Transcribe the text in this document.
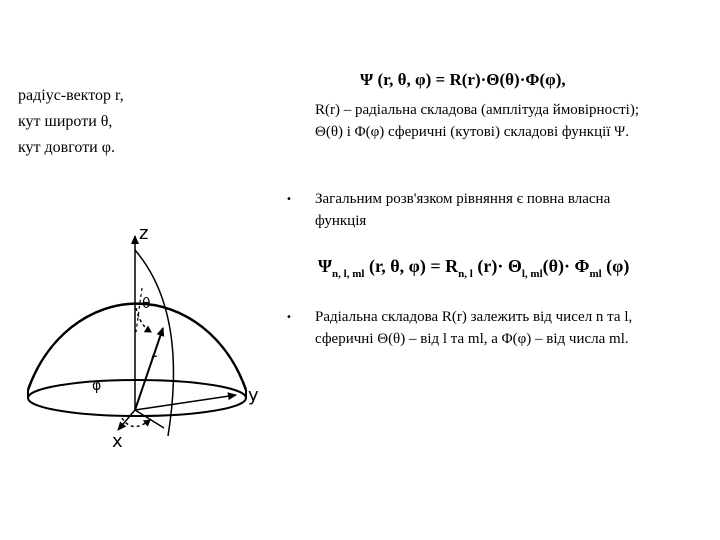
радіус-вектор r,
кут широти θ,
кут довготи φ.
Ψ (r, θ, φ) = R(r)·Θ(θ)·Φ(φ),
R(r) – радіальна складова (амплітуда ймовірності);
Θ(θ) і Φ(φ) сферичні (кутові) складові функції Ψ.
• Загальним розв'язком рівняння є повна власна
функція
$\Psi_{n, l, ml}$ (r, θ, $\varphi) = R_{n, l}$ $(r)\cdot \Theta_{l, ml}(\theta)\cdot \Phi_{ml}$ (φ)
• Радіальна складова R(r) залежить від чисел n та l,
сферичні Θ(θ) – від l та ml, а Φ(φ) – від числа ml.
z
y
x
θ
φ
r
